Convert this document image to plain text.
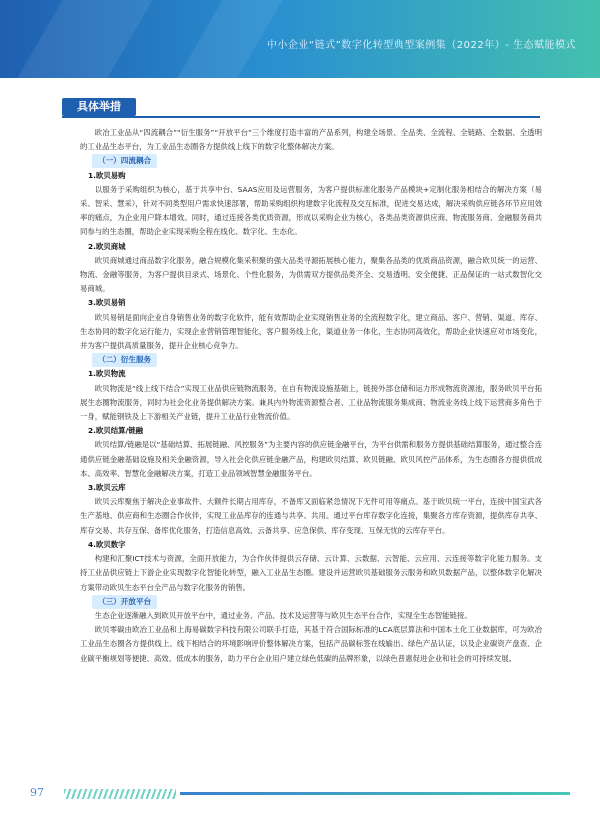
中小企业“链式”数字化转型典型案例集（2022年）- 生态赋能模式
具体举措

欧冶工业品从“四流耦合”“衍生服务”“开放平台”三个维度打造丰富的产品系列，构建全场景、全品类、全流程、全链路、全数据、全透明的工业品生态平台，为工业品生态圈各方提供线上线下的数字化整体解决方案。

（一）四流耦合
1.欧贝易购

以服务于采购组织为核心，基于共享中台、SAAS应用及运营服务，为客户提供标准化服务产品模块+定制化服务相结合的解决方案（易采、智采、慧采），针对不同类型用户需求快速部署，帮助采购组织构建数字化流程及交互标准，促进交易达成，解决采购供应链各环节应用效率的痛点，为企业用户降本增效。同时，通过连接各类优质资源，形成以采购企业为核心，各类品类资源供应商、物流服务商、金融服务商共同参与的生态圈，帮助企业实现采购全程在线化、数字化、生态化。

2.欧贝商城

欧贝商城通过商品数字化服务，融合规模化集采积聚的强大品类寻源拓展核心能力，聚集各品类的优质商品资源，融合欧贝统一的运营、物流、金融等服务，为客户提供目录式、场景化、个性化服务，为供需双方提供品类齐全、交易透明、安全便捷、正品保证的一站式数智化交易商城。

3.欧贝易销

欧贝易销是面向企业自身销售业务的数字化软件，能有效帮助企业实现销售业务的全流程数字化，建立商品、客户、营销、渠道、库存、生态协同的数字化运行能力，实现企业营销管理智能化，客户服务线上化，渠道业务一体化，生态协同高效化，帮助企业快速应对市场变化，并为客户提供高质量服务，提升企业核心竞争力。

（二）衍生服务
1.欧贝物流

欧贝物流是“线上线下结合”实现工业品供应链物流服务，在自有物流设施基础上，链接外部仓储和运力形成物流资源池，服务欧贝平台拓展生态圈物流服务，同时为社会化业务提供解决方案。兼具内外物流资源整合者、工业品物流服务集成商、物流业务线上线下运营商多角色于一身，赋能钢铁及上下游相关产业链，提升工业品行业物流价值。

2.欧贝结算/链融

欧贝结算/链融是以“基础结算、拓展链融、风控服务”为主要内容的供应链金融平台，为平台供需和服务方提供基础结算服务，通过整合连通供应链金融基础设施及相关金融资源，导入社会化供应链金融产品，构建欧贝结算、欧贝链融、欧贝风控产品体系，为生态圈各方提供低成本、高效率、智慧化金融解决方案，打造工业品领域智慧金融服务平台。

3.欧贝云库

欧贝云库聚焦于解决企业事故件、大额件长期占用库存，不备库又面临紧急情况下无件可用等痛点。基于欧贝统一平台，连接中国宝武各生产基地、供应商和生态圈合作伙伴，实现工业品库存的连通与共享、共用。通过平台库存数字化连接，集聚各方库存资源，提供库存共享、库存交易、共存互保、备库优化服务，打造信息高效、云备共享、应急保供、库存变现、互保无忧的云库存平台。

4.欧贝数字

构建和汇聚ICT技术与资源，全面开放能力，为合作伙伴提供云存储、云计算、云数据、云智能、云应用、云连接等数字化能力服务。支持工业品供应链上下游企业实现数字化智能化转型，融入工业品生态圈。建设并运营欧贝基础服务云服务和欧贝数据产品，以整体数字化解决方案带动欧贝生态平台全产品与数字化服务的销售。

（三）开放平台

生态企业逐渐融入到欧贝开放平台中，通过业务、产品、技术及运营等与欧贝生态平台合作，实现全生态智能链接。

欧贝零碳由欧冶工业品和上海易碳数字科技有限公司联手打造，其基于符合国际标准的LCA底层算法和中国本土化工业数据库，可为欧冶工业品生态圈各方提供线上、线下相结合的环境影响评价整体解决方案，包括产品碳标签在线输出、绿色产品认证，以及企业碳资产盘查、企业碳平衡规划等便捷、高效、低成本的服务，助力平台企业用户建立绿色低碳的品牌形象，以绿色普惠促进企业和社会的可持续发展。

97
